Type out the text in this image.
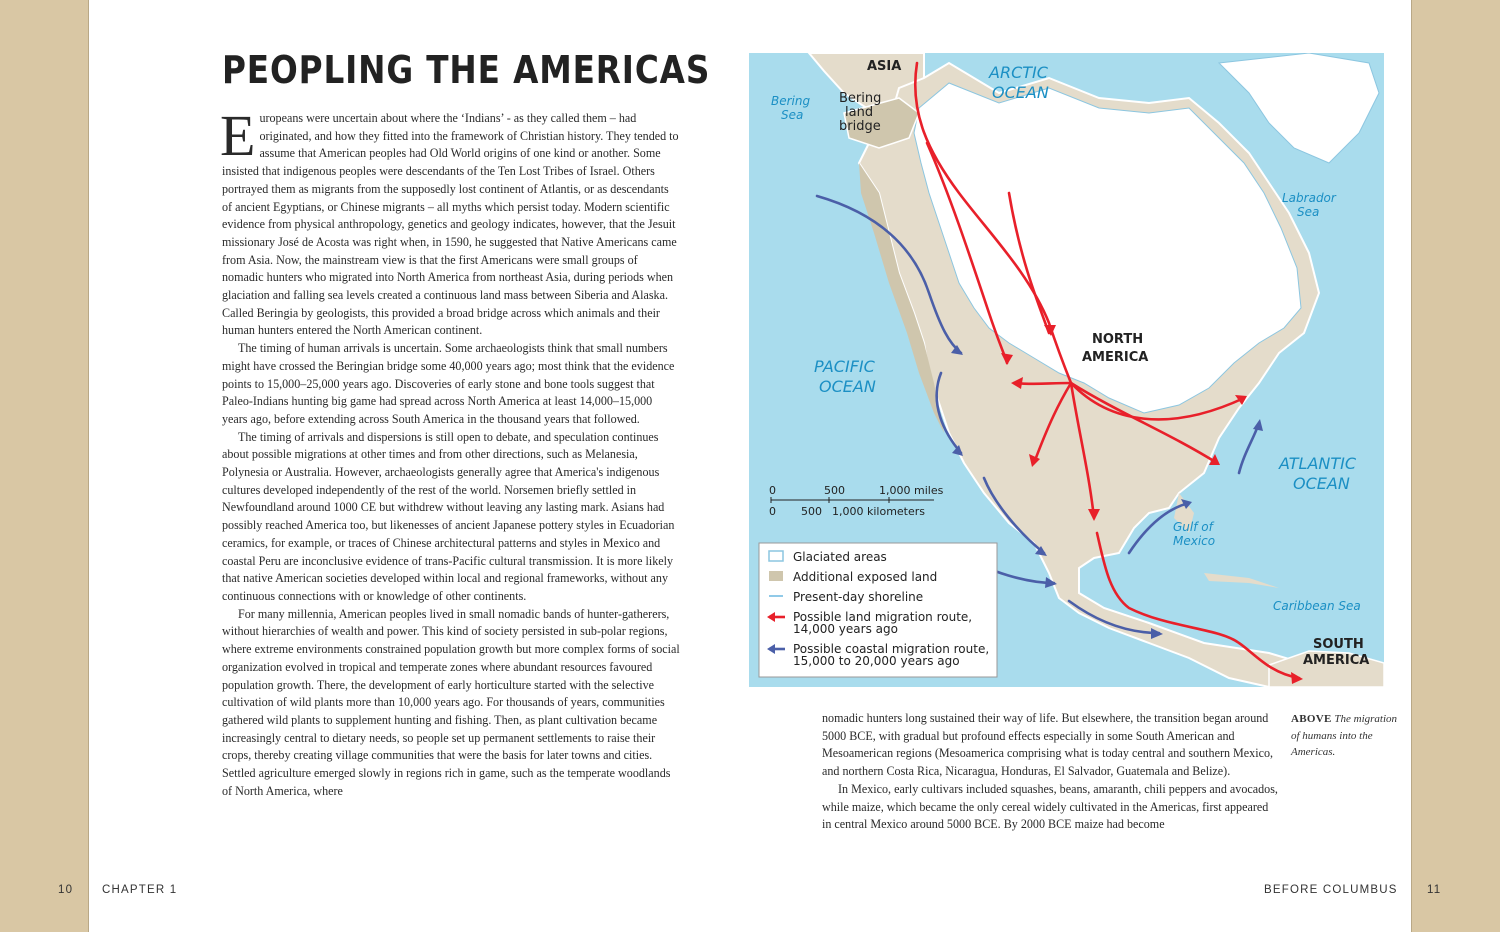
PEOPLING THE AMERICAS

Europeans were uncertain about where the ‘Indians’ - as they called them – had originated, and how they fitted into the framework of Christian history. They tended to assume that American peoples had Old World origins of one kind or another. Some insisted that indigenous peoples were descendants of the Ten Lost Tribes of Israel. Others portrayed them as migrants from the supposedly lost continent of Atlantis, or as descendants of ancient Egyptians, or Chinese migrants – all myths which persist today. Modern scientific evidence from physical anthropology, genetics and geology indicates, however, that the Jesuit missionary José de Acosta was right when, in 1590, he suggested that Native Americans came from Asia. Now, the mainstream view is that the first Americans were small groups of nomadic hunters who migrated into North America from northeast Asia, during periods when glaciation and falling sea levels created a continuous land mass between Siberia and Alaska. Called Beringia by geologists, this provided a broad bridge across which animals and their human hunters entered the North American continent.

The timing of human arrivals is uncertain. Some archaeologists think that small numbers might have crossed the Beringian bridge some 40,000 years ago; most think that the evidence points to 15,000–25,000 years ago. Discoveries of early stone and bone tools suggest that Paleo-Indians hunting big game had spread across North America at least 14,000–15,000 years ago, before extending across South America in the thousand years that followed.

The timing of arrivals and dispersions is still open to debate, and speculation continues about possible migrations at other times and from other directions, such as Melanesia, Polynesia or Australia. However, archaeologists generally agree that America's indigenous cultures developed independently of the rest of the world. Norsemen briefly settled in Newfoundland around 1000 CE but withdrew without leaving any lasting mark. Asians had possibly reached America too, but likenesses of ancient Japanese pottery styles in Ecuadorian ceramics, for example, or traces of Chinese architectural patterns and styles in Mexico and coastal Peru are inconclusive evidence of trans-Pacific cultural transmission. It is more likely that native American societies developed within local and regional frameworks, without any continuous connections with or knowledge of other continents.

For many millennia, American peoples lived in small nomadic bands of hunter-gatherers, without hierarchies of wealth and power. This kind of society persisted in sub-polar regions, where extreme environments constrained population growth but more complex forms of social organization evolved in tropical and temperate zones where abundant resources favoured population growth. There, the development of early horticulture started with the selective cultivation of wild plants more than 10,000 years ago. For thousands of years, communities gathered wild plants to supplement hunting and fishing. Then, as plant cultivation became increasingly central to dietary needs, so people set up permanent settlements to raise their crops, thereby creating village communities that were the basis for later towns and cities. Settled agriculture emerged slowly in regions rich in game, such as the temperate woodlands of North America, where

ASIA	ARCTIC
OCEAN
Bering
Sea
Bering
land
bridge
Labrador
Sea
NORTH
AMERICA
PACIFIC
OCEAN
ATLANTIC
OCEAN
Gulf of
Mexico
Caribbean Sea
SOUTH
AMERICA
0	500	1,000 miles
0 500 1,000 kilometers
Glaciated areas
Additional exposed land
Present-day shoreline
Possible land migration route,
14,000 years ago
Possible coastal migration route,
15,000 to 20,000 years ago

nomadic hunters long sustained their way of life. But elsewhere, the transition began around 5000 BCE, with gradual but profound effects especially in some South American and Mesoamerican regions (Mesoamerica comprising what is today central and southern Mexico, and northern Costa Rica, Nicaragua, Honduras, El Salvador, Guatemala and Belize).

In Mexico, early cultivars included squashes, beans, amaranth, chili peppers and avocados, while maize, which became the only cereal widely cultivated in the Americas, first appeared in central Mexico around 5000 BCE. By 2000 BCE maize had become

ABOVE The migration of humans into the Americas.
10	CHAPTER 1	BEFORE COLUMBUS	11
